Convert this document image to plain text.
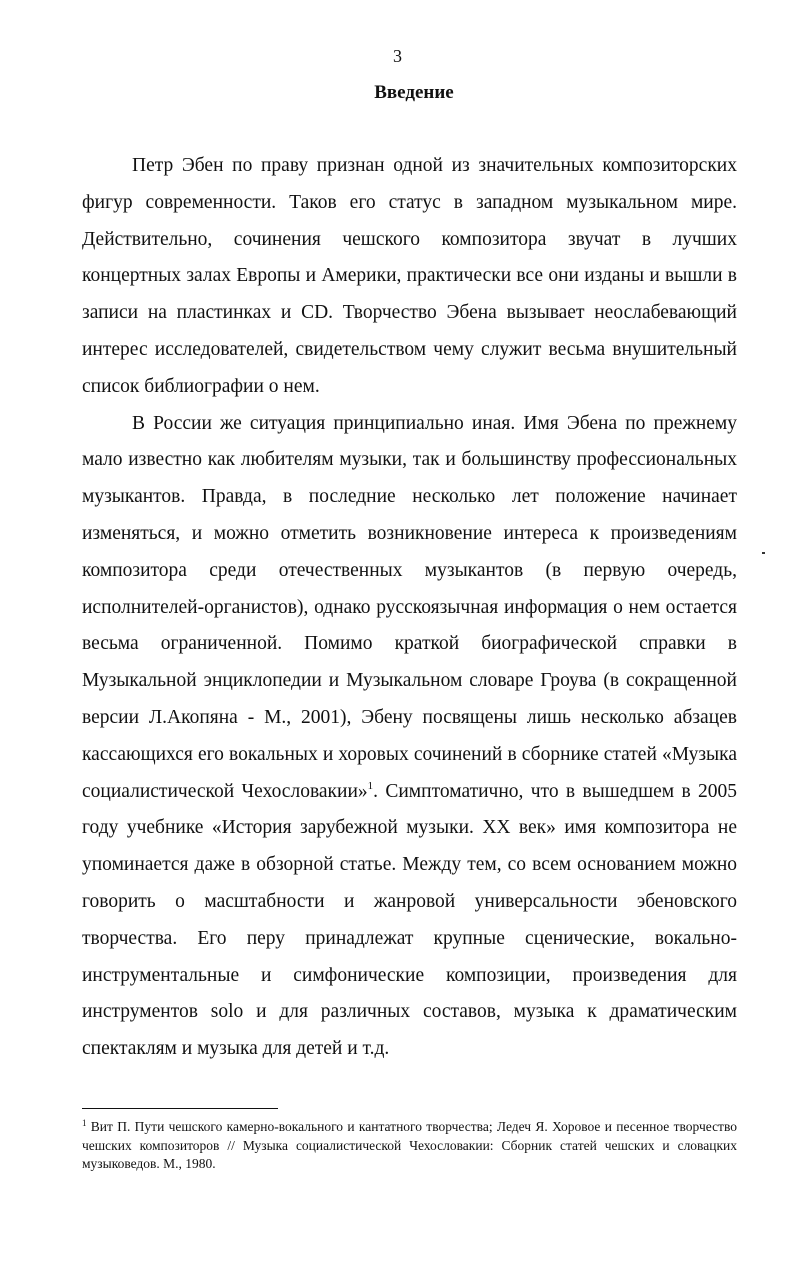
3
Введение

Петр Эбен по праву признан одной из значительных композиторских фигур современности. Таков его статус в западном музыкальном мире. Действительно, сочинения чешского композитора звучат в лучших концертных залах Европы и Америки, практически все они изданы и вышли в записи на пластинках и CD. Творчество Эбена вызывает неослабевающий интерес исследователей, свидетельством чему служит весьма внушительный список библиографии о нем.

В России же ситуация принципиально иная. Имя Эбена по прежнему мало известно как любителям музыки, так и большинству профессиональных музыкантов. Правда, в последние несколько лет положение начинает изменяться, и можно отметить возникновение интереса к произведениям композитора среди отечественных музыкантов (в первую очередь, исполнителей-органистов), однако русскоязычная информация о нем остается весьма ограниченной. Помимо краткой биографической справки в Музыкальной энциклопедии и Музыкальном словаре Гроува (в сокращенной версии Л.Акопяна - М., 2001), Эбену посвящены лишь несколько абзацев кассающихся его вокальных и хоровых сочинений в сборнике статей «Музыка социалистической Чехословакии»$^1$. Симптоматично, что в вышедшем в 2005 году учебнике «История зарубежной музыки. XX век» имя композитора не упоминается даже в обзорной статье. Между тем, со всем основанием можно говорить о масштабности и жанровой универсальности эбеновского творчества. Его перу принадлежат крупные сценические, вокально-инструментальные и симфонические композиции, произведения для инструментов solo и для различных составов, музыка к драматическим спектаклям и музыка для детей и т.д.

$^1$ Вит П. Пути чешского камерно-вокального и кантатного творчества; Ледеч Я. Хоровое и песенное творчество чешских композиторов // Музыка социалистической Чехословакии: Сборник статей чешских и словацких музыковедов. М., 1980.
